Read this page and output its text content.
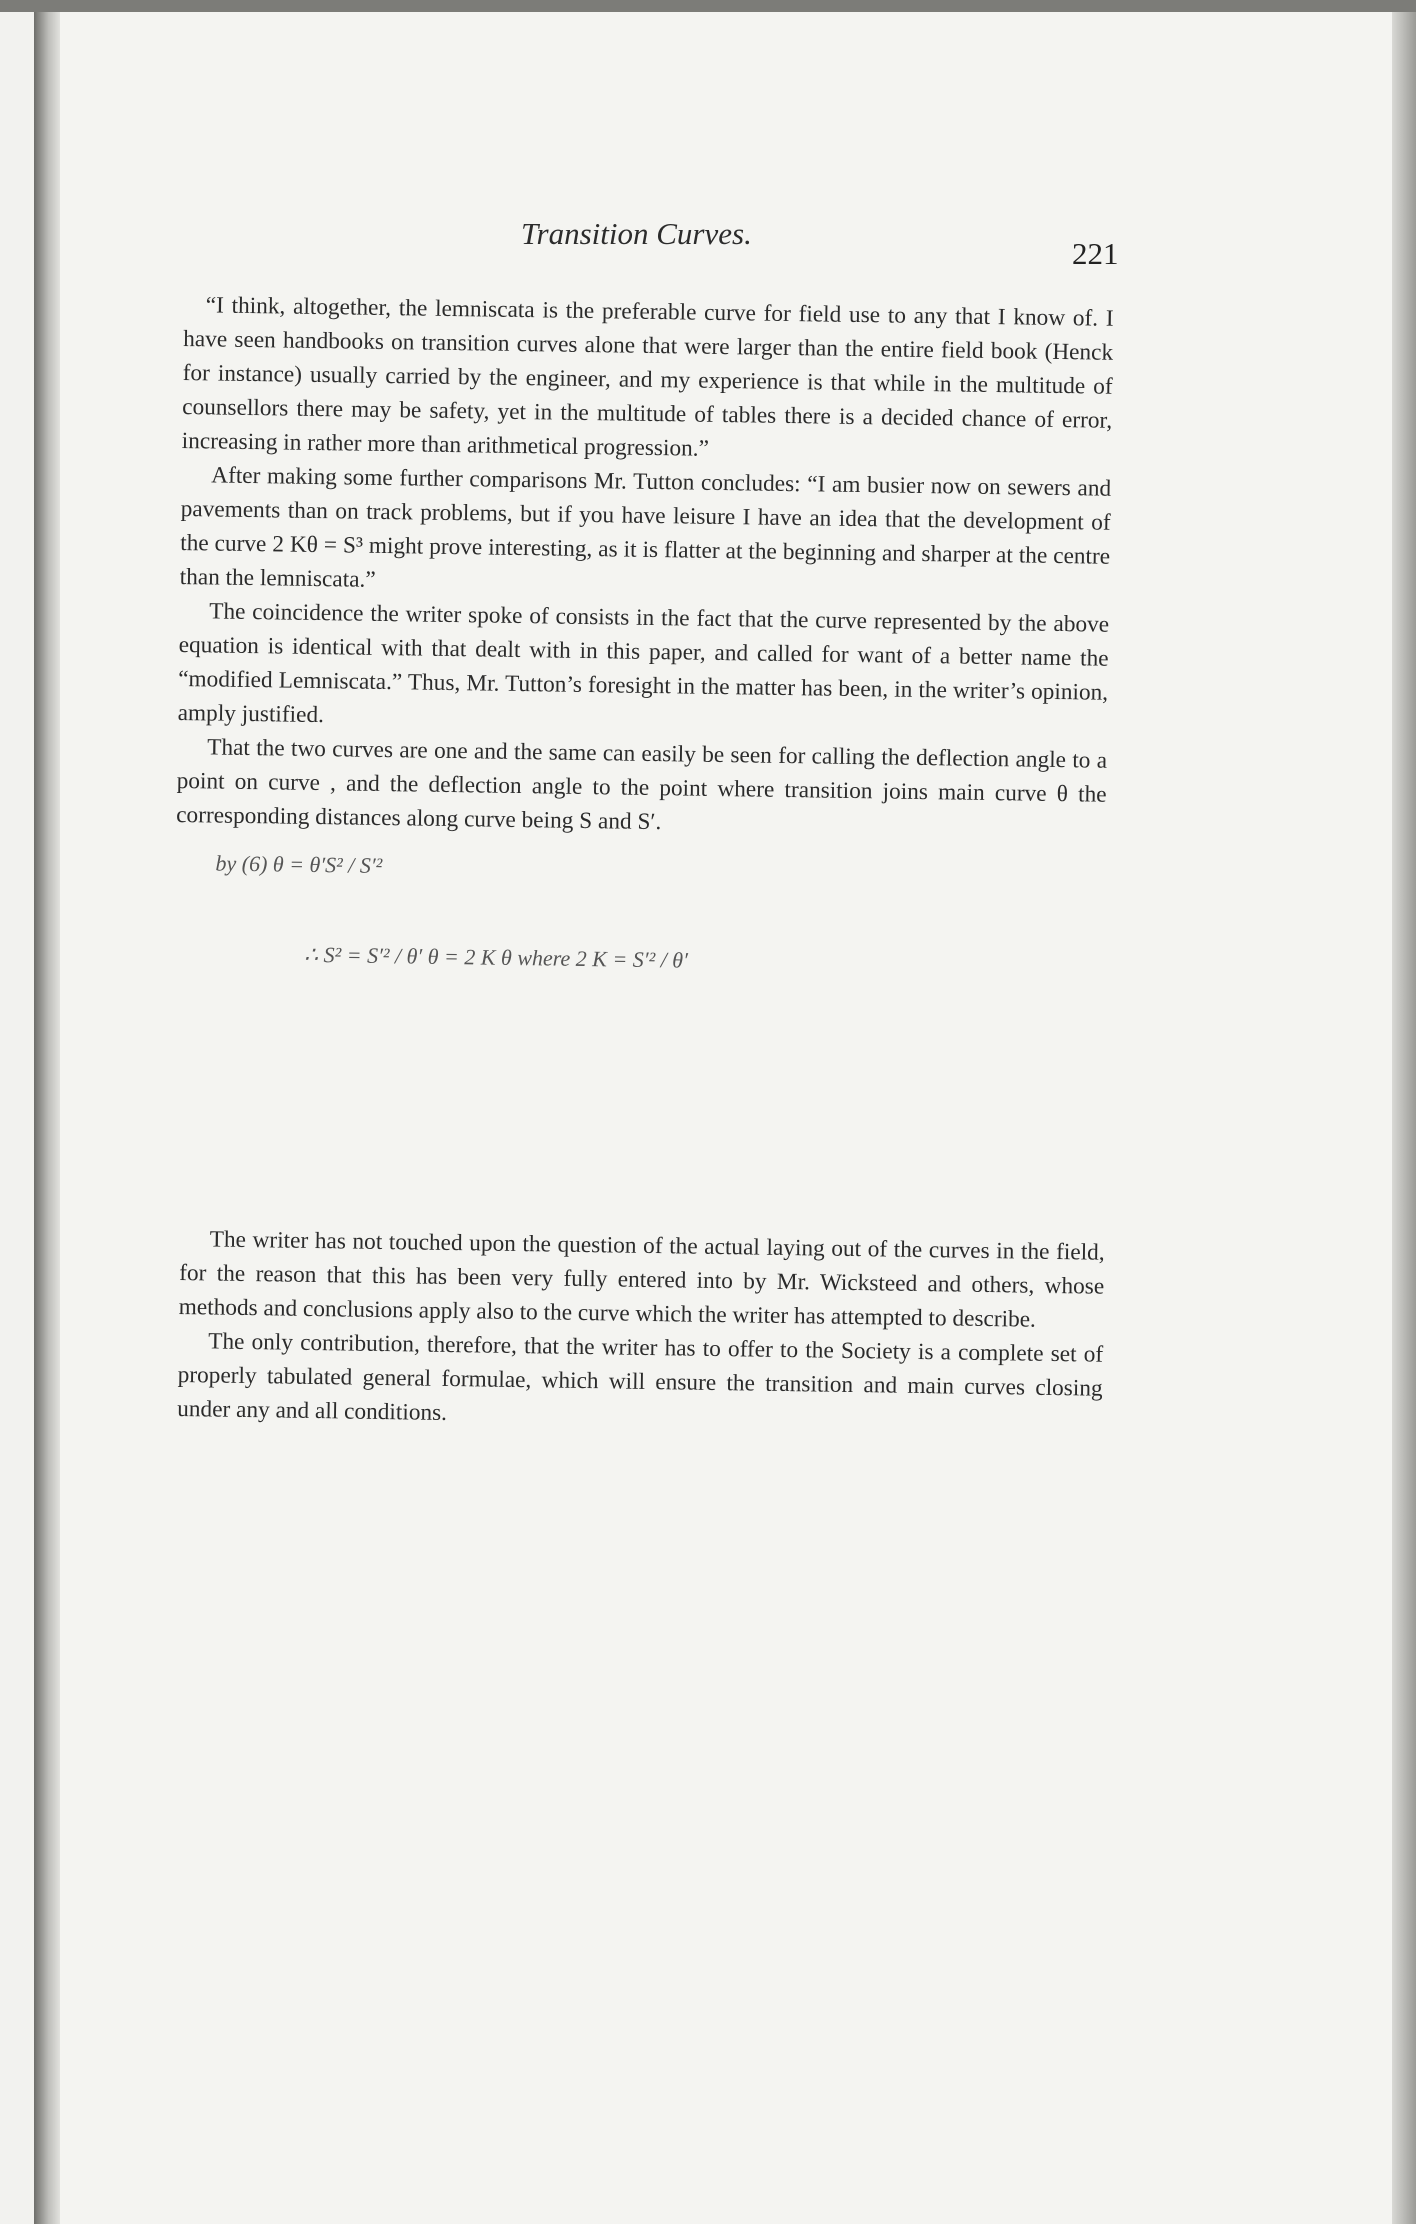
Transition Curves.
221

“I think, altogether, the lemniscata is the preferable curve for field use to any that I know of. I have seen handbooks on transition curves alone that were larger than the entire field book (Henck for instance) usually carried by the engineer, and my experience is that while in the multitude of counsellors there may be safety, yet in the multitude of tables there is a decided chance of error, increasing in rather more than arithmetical progression.”

After making some further comparisons Mr. Tutton concludes: “I am busier now on sewers and pavements than on track problems, but if you have leisure I have an idea that the development of the curve 2 Kθ = S³ might prove interesting, as it is flatter at the beginning and sharper at the centre than the lemniscata.”

The coincidence the writer spoke of consists in the fact that the curve represented by the above equation is identical with that dealt with in this paper, and called for want of a better name the “modified Lemniscata.” Thus, Mr. Tutton’s foresight in the matter has been, in the writer’s opinion, amply justified.

That the two curves are one and the same can easily be seen for calling the deflection angle to a point on curve , and the deflection angle to the point where transition joins main curve θ the corresponding distances along curve being S and S′.

by (6) θ = θ′S² / S′²
∴ S² = S′² / θ′ θ = 2 K θ where 2 K = S′² / θ′

The writer has not touched upon the question of the actual laying out of the curves in the field, for the reason that this has been very fully entered into by Mr. Wicksteed and others, whose methods and conclusions apply also to the curve which the writer has attempted to describe.

The only contribution, therefore, that the writer has to offer to the Society is a complete set of properly tabulated general formulae, which will ensure the transition and main curves closing under any and all conditions.
